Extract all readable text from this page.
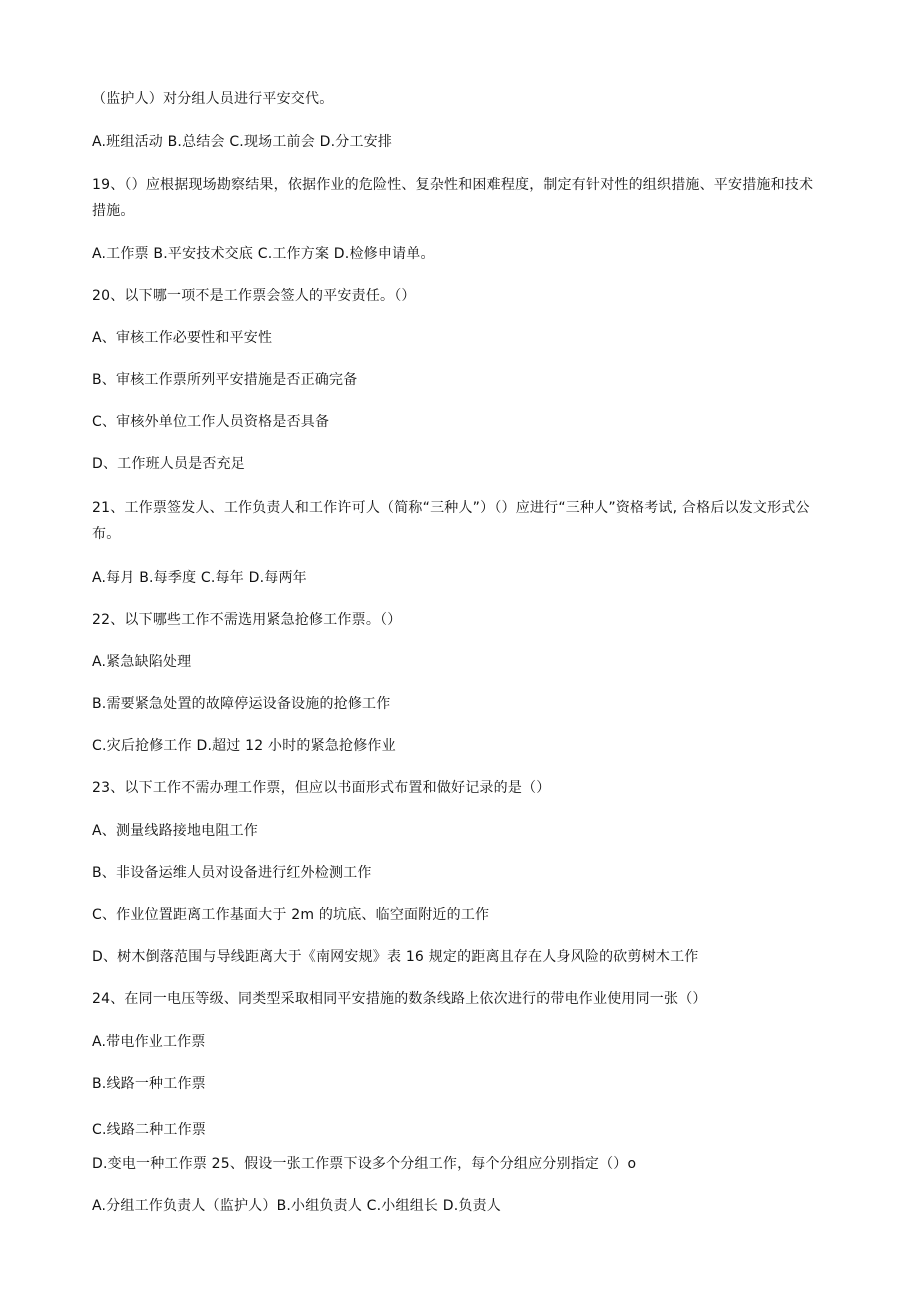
（监护人）对分组人员进行平安交代。
A.班组活动 B.总结会 C.现场工前会 D.分工安排
19、（）应根据现场勘察结果，依据作业的危险性、复杂性和困难程度，制定有针对性的组织措施、平安措施和技术措施。
A.工作票 B.平安技术交底 C.工作方案 D.检修申请单。
20、以下哪一项不是工作票会签人的平安责任。（）
A、审核工作必要性和平安性
B、审核工作票所列平安措施是否正确完备
C、审核外单位工作人员资格是否具备
D、工作班人员是否充足
21、工作票签发人、工作负责人和工作许可人（简称“三种人”）（）应进行“三种人”资格考试, 合格后以发文形式公布。
A.每月 B.每季度 C.每年 D.每两年
22、以下哪些工作不需选用紧急抢修工作票。（）
A.紧急缺陷处理
B.需要紧急处置的故障停运设备设施的抢修工作
C.灾后抢修工作 D.超过 12 小时的紧急抢修作业
23、以下工作不需办理工作票，但应以书面形式布置和做好记录的是（）
A、测量线路接地电阻工作
B、非设备运维人员对设备进行红外检测工作
C、作业位置距离工作基面大于 2m 的坑底、临空面附近的工作
D、树木倒落范围与导线距离大于《南网安规》表 16 规定的距离且存在人身风险的砍剪树木工作
24、在同一电压等级、同类型采取相同平安措施的数条线路上依次进行的带电作业使用同一张（）
A.带电作业工作票
B.线路一种工作票
C.线路二种工作票
D.变电一种工作票 25、假设一张工作票下设多个分组工作，每个分组应分别指定（）o
A.分组工作负责人（监护人）B.小组负责人 C.小组组长 D.负责人
